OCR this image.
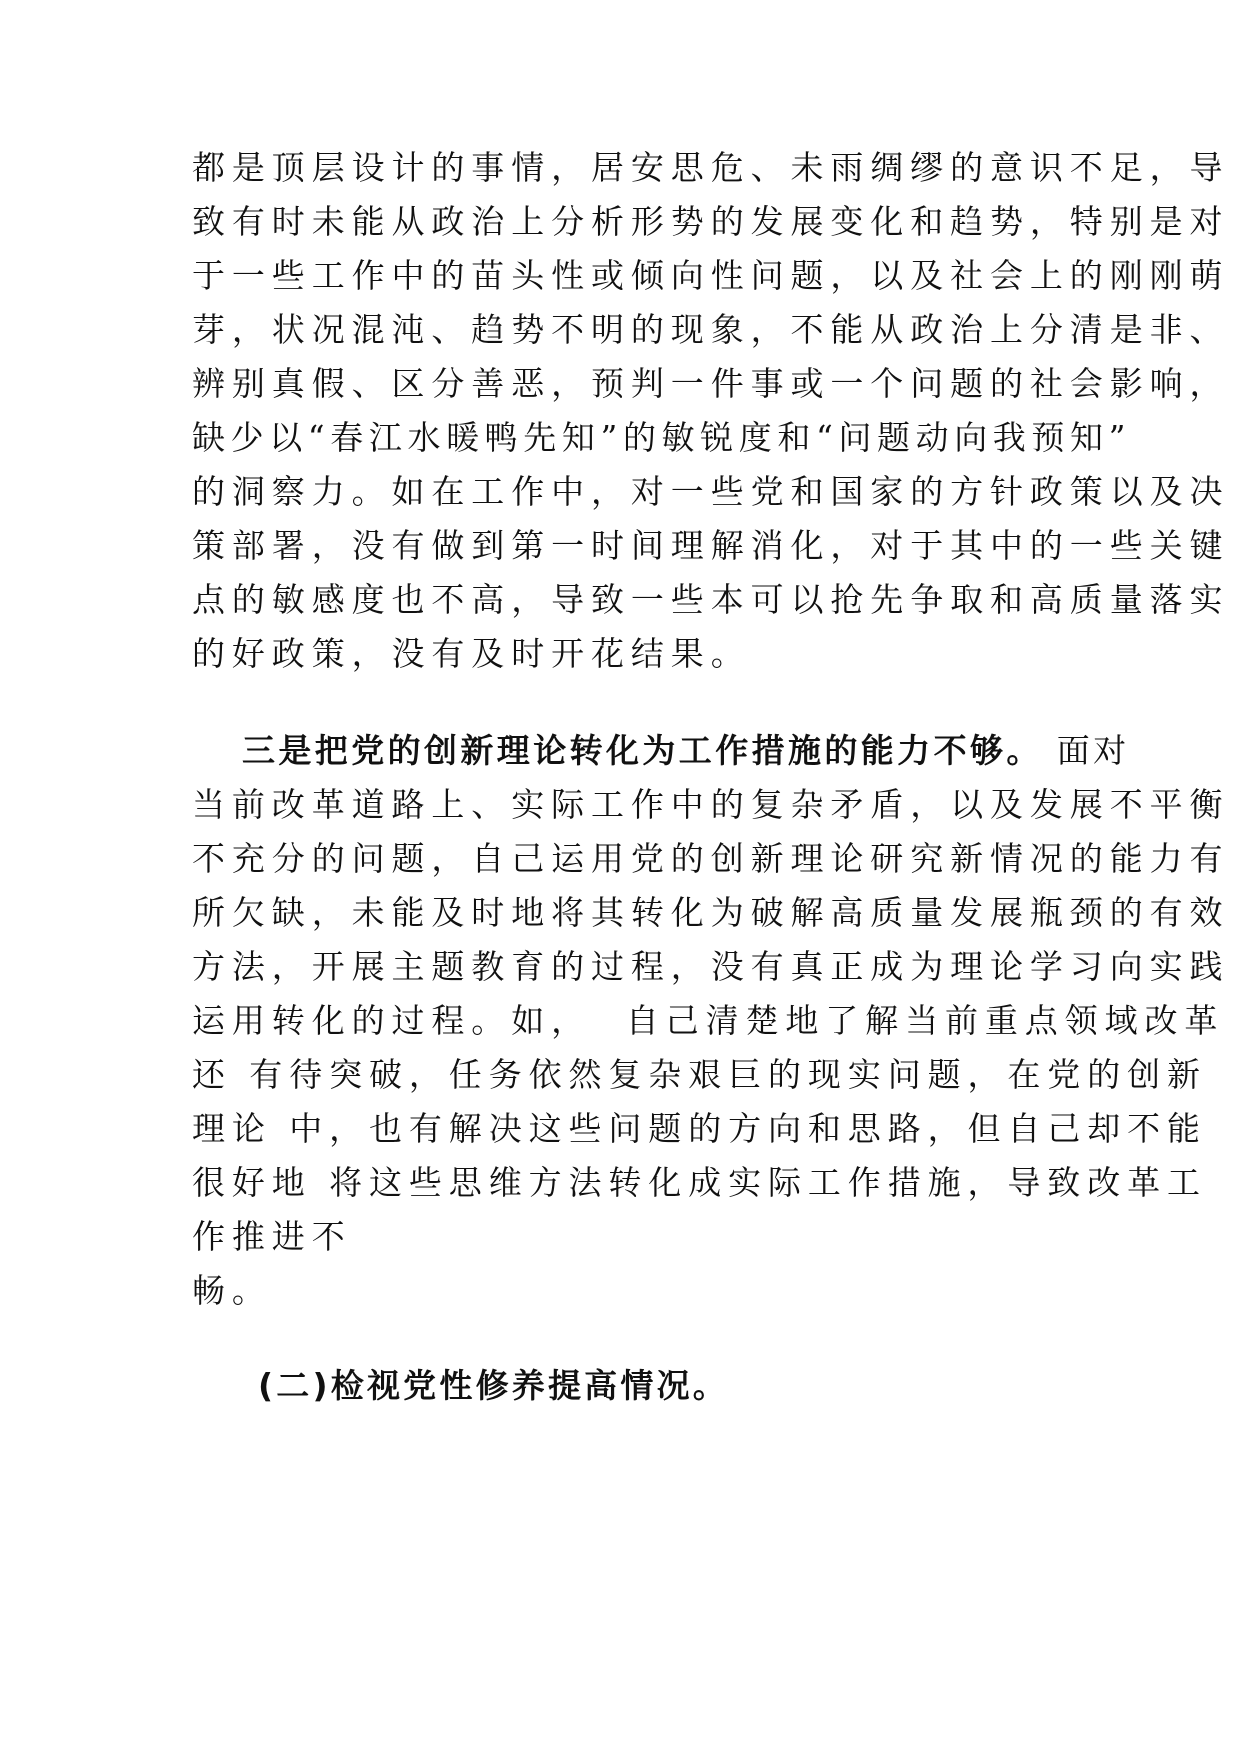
都是顶层设计的事情，居安思危、未雨绸缪的意识不足，导
致有时未能从政治上分析形势的发展变化和趋势，特别是对
于一些工作中的苗头性或倾向性问题，以及社会上的刚刚萌
芽，状况混沌、趋势不明的现象，不能从政治上分清是非、
辨别真假、区分善恶，预判一件事或一个问题的社会影响，
缺少以“春江水暖鸭先知”的敏锐度和“问题动向我预知”
的洞察力。如在工作中，对一些党和国家的方针政策以及决
策部署，没有做到第一时间理解消化，对于其中的一些关键
点的敏感度也不高，导致一些本可以抢先争取和高质量落实
的好政策，没有及时开花结果。
三是把党的创新理论转化为工作措施的能力不够。 面对
当前改革道路上、实际工作中的复杂矛盾，以及发展不平衡
不充分的问题，自己运用党的创新理论研究新情况的能力有
所欠缺，未能及时地将其转化为破解高质量发展瓶颈的有效
方法，开展主题教育的过程，没有真正成为理论学习向实践
运用转化的过程。如，  自己清楚地了解当前重点领域改革
还 有待突破，任务依然复杂艰巨的现实问题，在党的创新
理论 中，也有解决这些问题的方向和思路，但自己却不能
很好地 将这些思维方法转化成实际工作措施，导致改革工
作推进不
畅。
(二)检视党性修养提高情况。
